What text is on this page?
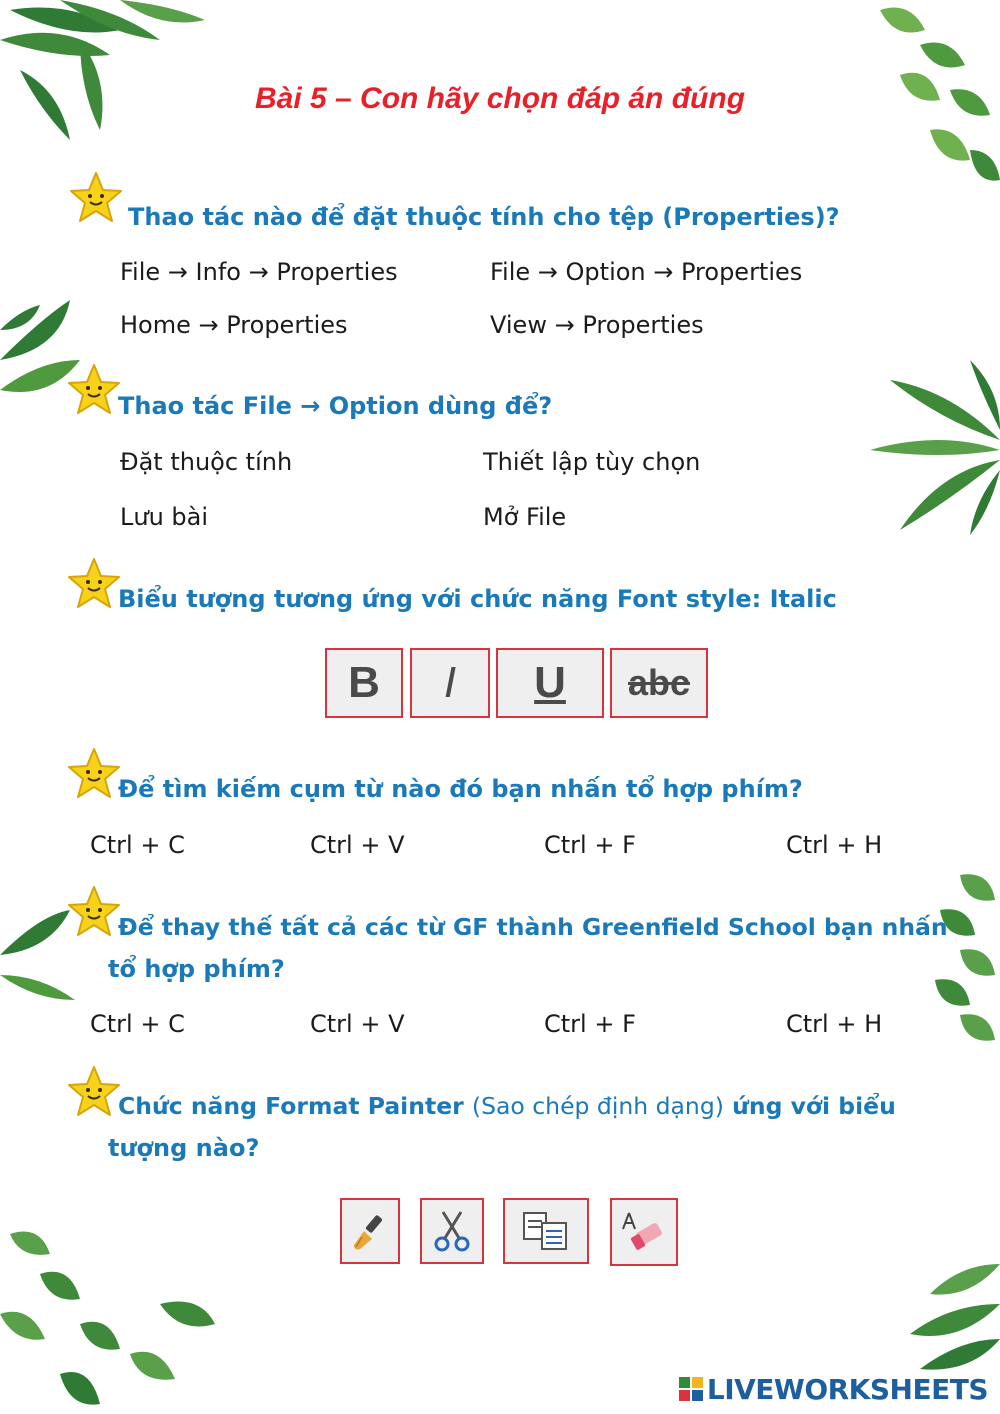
Bài 5 – Con hãy chọn đáp án đúng
Thao tác nào để đặt thuộc tính cho tệp (Properties)?
File → Info → Properties	File → Option → Properties
Home → Properties	View → Properties
Thao tác File → Option dùng để?
Đặt thuộc tính	Thiết lập tùy chọn
Lưu bài	Mở File
Biểu tượng tương ứng với chức năng Font style: Italic
B I U abc
Để tìm kiếm cụm từ nào đó bạn nhấn tổ hợp phím?
Ctrl + C	Ctrl + V	Ctrl + F	Ctrl + H
Để thay thế tất cả các từ GF thành Greenfield School bạn nhấn
tổ hợp phím?
Ctrl + C	Ctrl + V	Ctrl + F	Ctrl + H
Chức năng Format Painter (Sao chép định dạng) ứng với biểu
tượng nào?
LIVEWORKSHEETS
